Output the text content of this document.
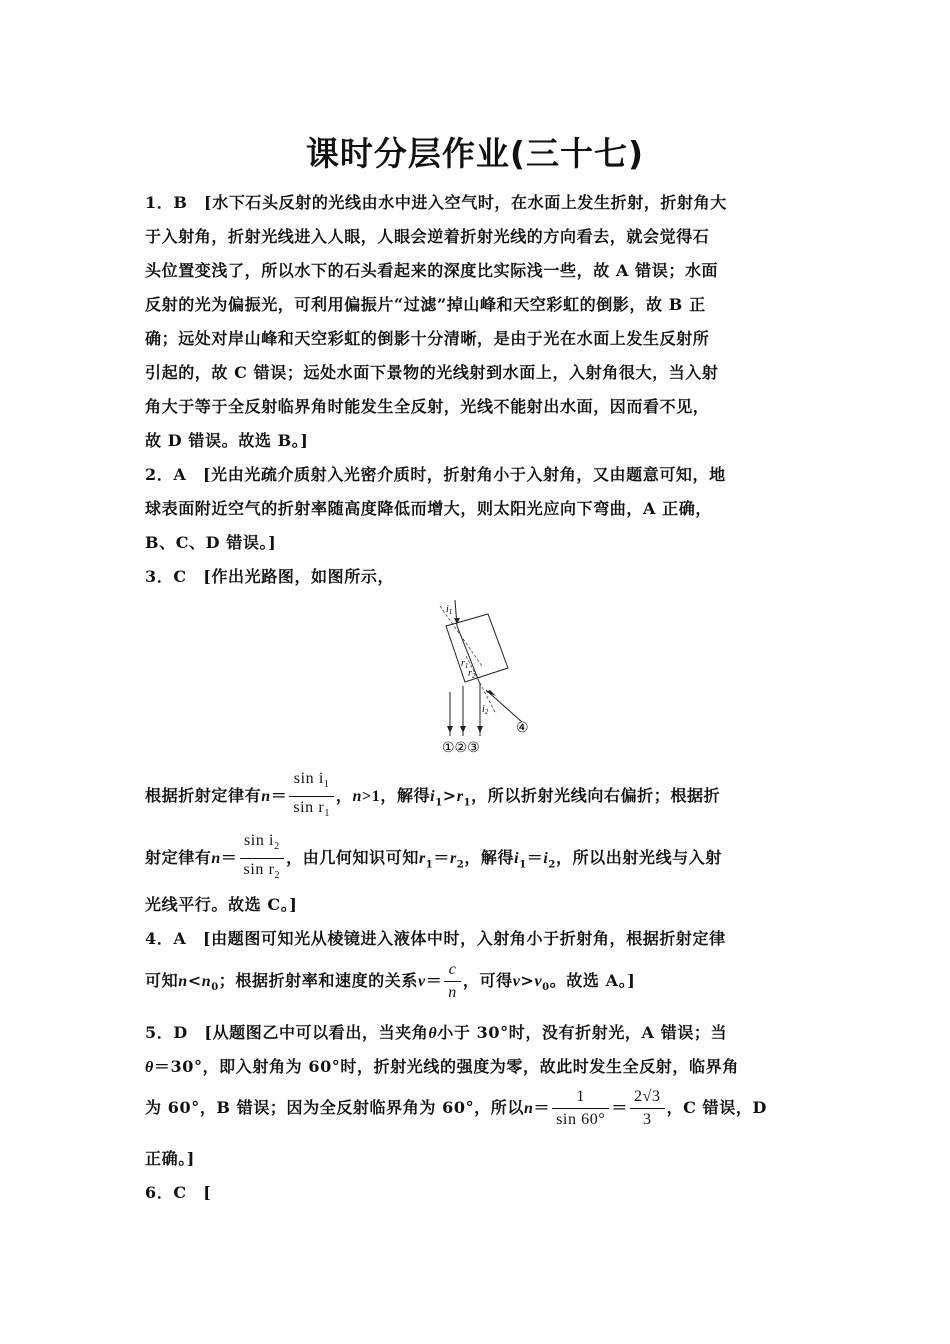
课时分层作业(三十七)
1．B　[水下石头反射的光线由水中进入空气时，在水面上发生折射，折射角大
于入射角，折射光线进入人眼，人眼会逆着折射光线的方向看去，就会觉得石
头位置变浅了，所以水下的石头看起来的深度比实际浅一些，故 A 错误；水面
反射的光为偏振光，可利用偏振片“过滤”掉山峰和天空彩虹的倒影，故 B 正
确；远处对岸山峰和天空彩虹的倒影十分清晰，是由于光在水面上发生反射所
引起的，故 C 错误；远处水面下景物的光线射到水面上，入射角很大，当入射
角大于等于全反射临界角时能发生全反射，光线不能射出水面，因而看不见，
故 D 错误。故选 B。]
2．A　[光由光疏介质射入光密介质时，折射角小于入射角，又由题意可知，地
球表面附近空气的折射率随高度降低而增大，则太阳光应向下弯曲，A 正确，
B、C、D 错误。]
3．C　[作出光路图，如图所示，
$i_1$
$r_1$
$r_2$
$i_2$
①②③
④
根据折射定律有$n= \frac{\sin i_1}{\sin r_1}$ ，n>1，解得$i_1>r_1$，所以折射光线向右偏折；根据折
射定律有$n= \frac{\sin i_2}{\sin r_2}$ ，由几何知识可知$r_1=r_2$，解得$i_1=i_2$，所以出射光线与入射
光线平行。故选 C。]
4．A　[由题图可知光从棱镜进入液体中时，入射角小于折射角，根据折射定律
可知$n<n_0$；根据折射率和速度的关系$v= \frac{c}{n}$ ，可得$v>v_0$。故选 A。]
5．D　[从题图乙中可以看出，当夹角θ小于 30°时，没有折射光，A 错误；当
θ＝30°，即入射角为 60°时，折射光线的强度为零，故此时发生全反射，临界角
为 60°，B 错误；因为全反射临界角为 60°，所以$n= \frac{1}{\sin 60^\circ} = \frac{2√3}{3}$ ，C 错误，D
正确。]
6．C　[
